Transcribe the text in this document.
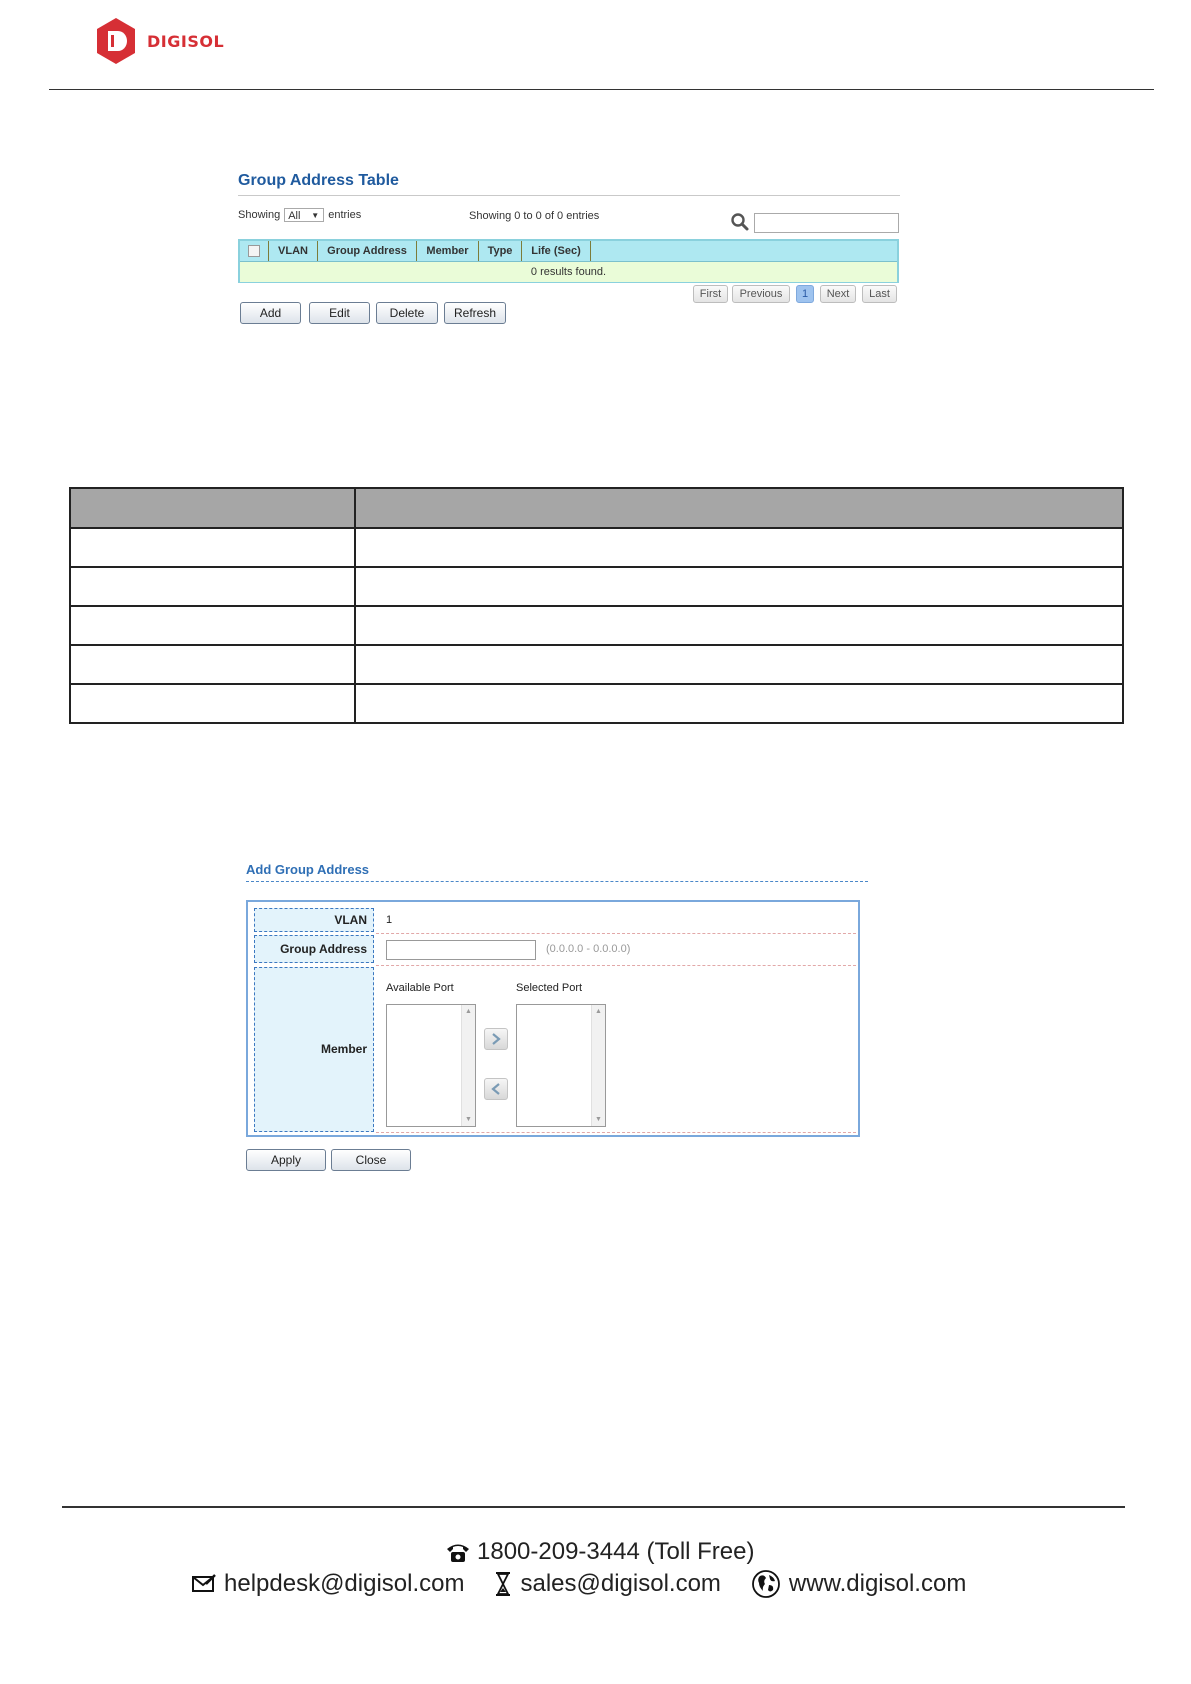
DIGISOL
Group Address Table
Showing All ▼ entries	Showing 0 to 0 of 0 entries
VLAN	Group Address	Member	Type	Life (Sec)
0 results found.
First	Previous	1	Next	Last
Add	Edit	Delete	Refresh

Add Group Address
VLAN	1
Group Address	(0.0.0.0 - 0.0.0.0)
Member
Available Port	Selected Port
▲
▼
▲
▼
Apply	Close
1800-209-3444 (Toll Free)
helpdesk@digisol.com sales@digisol.com	www.digisol.com
